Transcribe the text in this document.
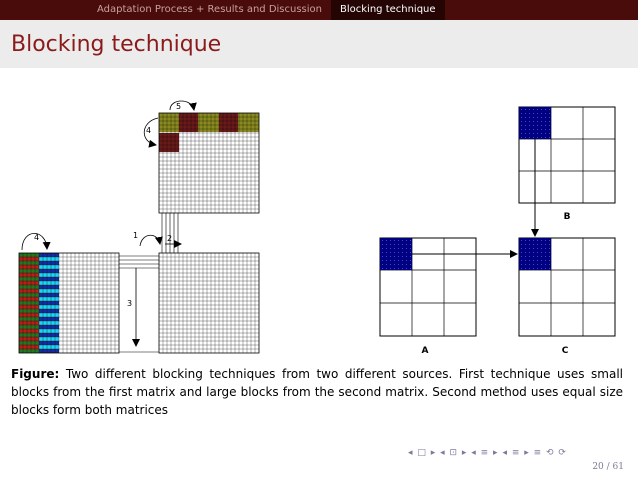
Adaptation Process + Results and Discussion	Blocking technique
Blocking technique
5
4
4	1	2
3
B
A	C
Figure: Two different blocking techniques from two different sources. First technique uses small blocks from the first matrix and large blocks from the second matrix. Second method uses equal size blocks form both matrices
◂ □ ▸ ◂ ⊡ ▸ ◂ ≡ ▸ ◂ ≡ ▸ ≡ ⟲ ⟳
20 / 61
